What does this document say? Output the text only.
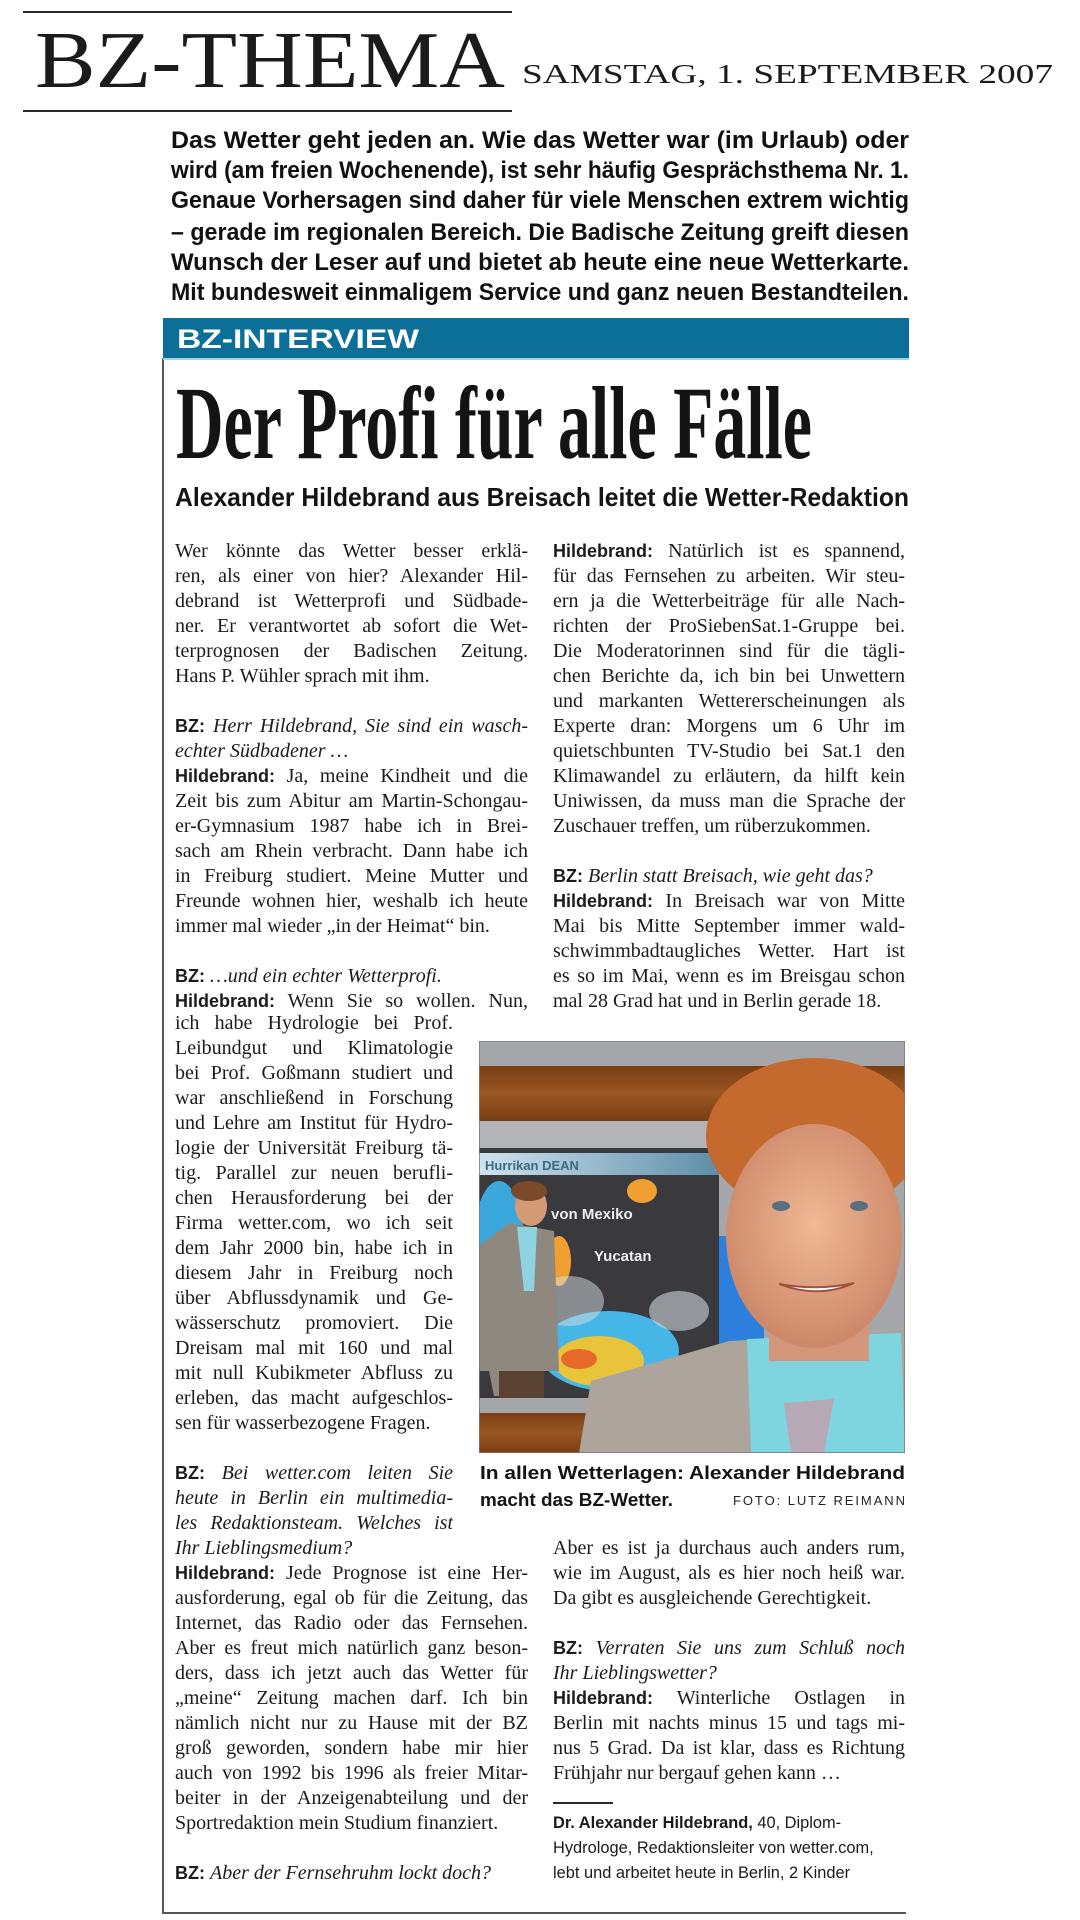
BZ-THEMA SAMSTAG, 1. SEPTEMBER 2007
Das Wetter geht jeden an. Wie das Wetter war (im Urlaub) oder
wird (am freien Wochenende), ist sehr häufig Gesprächsthema Nr. 1.
Genaue Vorhersagen sind daher für viele Menschen extrem wichtig
– gerade im regionalen Bereich. Die Badische Zeitung greift diesen
Wunsch der Leser auf und bietet ab heute eine neue Wetterkarte.
Mit bundesweit einmaligem Service und ganz neuen Bestandteilen.
BZ-INTERVIEW
Der Profi für alle Fälle
Alexander Hildebrand aus Breisach leitet die Wetter-Redaktion
Wer könnte das Wetter besser erklä-
ren, als einer von hier? Alexander Hil-
debrand ist Wetterprofi und Südbade-
ner. Er verantwortet ab sofort die Wet-
terprognosen der Badischen Zeitung.
Hans P. Wühler sprach mit ihm.
BZ: Herr Hildebrand, Sie sind ein wasch-
echter Südbadener …
Hildebrand: Ja, meine Kindheit und die
Zeit bis zum Abitur am Martin-Schongau-
er-Gymnasium 1987 habe ich in Brei-
sach am Rhein verbracht. Dann habe ich
in Freiburg studiert. Meine Mutter und
Freunde wohnen hier, weshalb ich heute
immer mal wieder „in der Heimat“ bin.
BZ: …und ein echter Wetterprofi.
Hildebrand: Wenn Sie so wollen. Nun,
ich habe Hydrologie bei Prof.
Leibundgut und Klimatologie
bei Prof. Goßmann studiert und
war anschließend in Forschung
und Lehre am Institut für Hydro-
logie der Universität Freiburg tä-
tig. Parallel zur neuen berufli-
chen Herausforderung bei der
Firma wetter.com, wo ich seit
dem Jahr 2000 bin, habe ich in
diesem Jahr in Freiburg noch
über Abflussdynamik und Ge-
wässerschutz promoviert. Die
Dreisam mal mit 160 und mal
mit null Kubikmeter Abfluss zu
erleben, das macht aufgeschlos-
sen für wasserbezogene Fragen.
BZ: Bei wetter.com leiten Sie
heute in Berlin ein multimedia-
les Redaktionsteam. Welches ist
Ihr Lieblingsmedium?
Hildebrand: Jede Prognose ist eine Her-
ausforderung, egal ob für die Zeitung, das
Internet, das Radio oder das Fernsehen.
Aber es freut mich natürlich ganz beson-
ders, dass ich jetzt auch das Wetter für
„meine“ Zeitung machen darf. Ich bin
nämlich nicht nur zu Hause mit der BZ
groß geworden, sondern habe mir hier
auch von 1992 bis 1996 als freier Mitar-
beiter in der Anzeigenabteilung und der
Sportredaktion mein Studium finanziert.
BZ: Aber der Fernsehruhm lockt doch?
Hildebrand: Natürlich ist es spannend,
für das Fernsehen zu arbeiten. Wir steu-
ern ja die Wetterbeiträge für alle Nach-
richten der ProSiebenSat.1-Gruppe bei.
Die Moderatorinnen sind für die tägli-
chen Berichte da, ich bin bei Unwettern
und markanten Wettererscheinungen als
Experte dran: Morgens um 6 Uhr im
quietschbunten TV-Studio bei Sat.1 den
Klimawandel zu erläutern, da hilft kein
Uniwissen, da muss man die Sprache der
Zuschauer treffen, um rüberzukommen.
BZ: Berlin statt Breisach, wie geht das?
Hildebrand: In Breisach war von Mitte
Mai bis Mitte September immer wald-
schwimmbadtaugliches Wetter. Hart ist
es so im Mai, wenn es im Breisgau schon
mal 28 Grad hat und in Berlin gerade 18.
Aber es ist ja durchaus auch anders rum,
wie im August, als es hier noch heiß war.
Da gibt es ausgleichende Gerechtigkeit.
BZ: Verraten Sie uns zum Schluß noch
Ihr Lieblingswetter?
Hildebrand: Winterliche Ostlagen in
Berlin mit nachts minus 15 und tags mi-
nus 5 Grad. Da ist klar, dass es Richtung
Frühjahr nur bergauf gehen kann …
Hurrikan DEAN
von Mexiko
Yucatan
In allen Wetterlagen: Alexander Hildebrand
macht das BZ-Wetter.	FOTO: LUTZ REIMANN
Dr. Alexander Hildebrand, 40, Diplom-
Hydrologe, Redaktionsleiter von wetter.com,
lebt und arbeitet heute in Berlin, 2 Kinder
